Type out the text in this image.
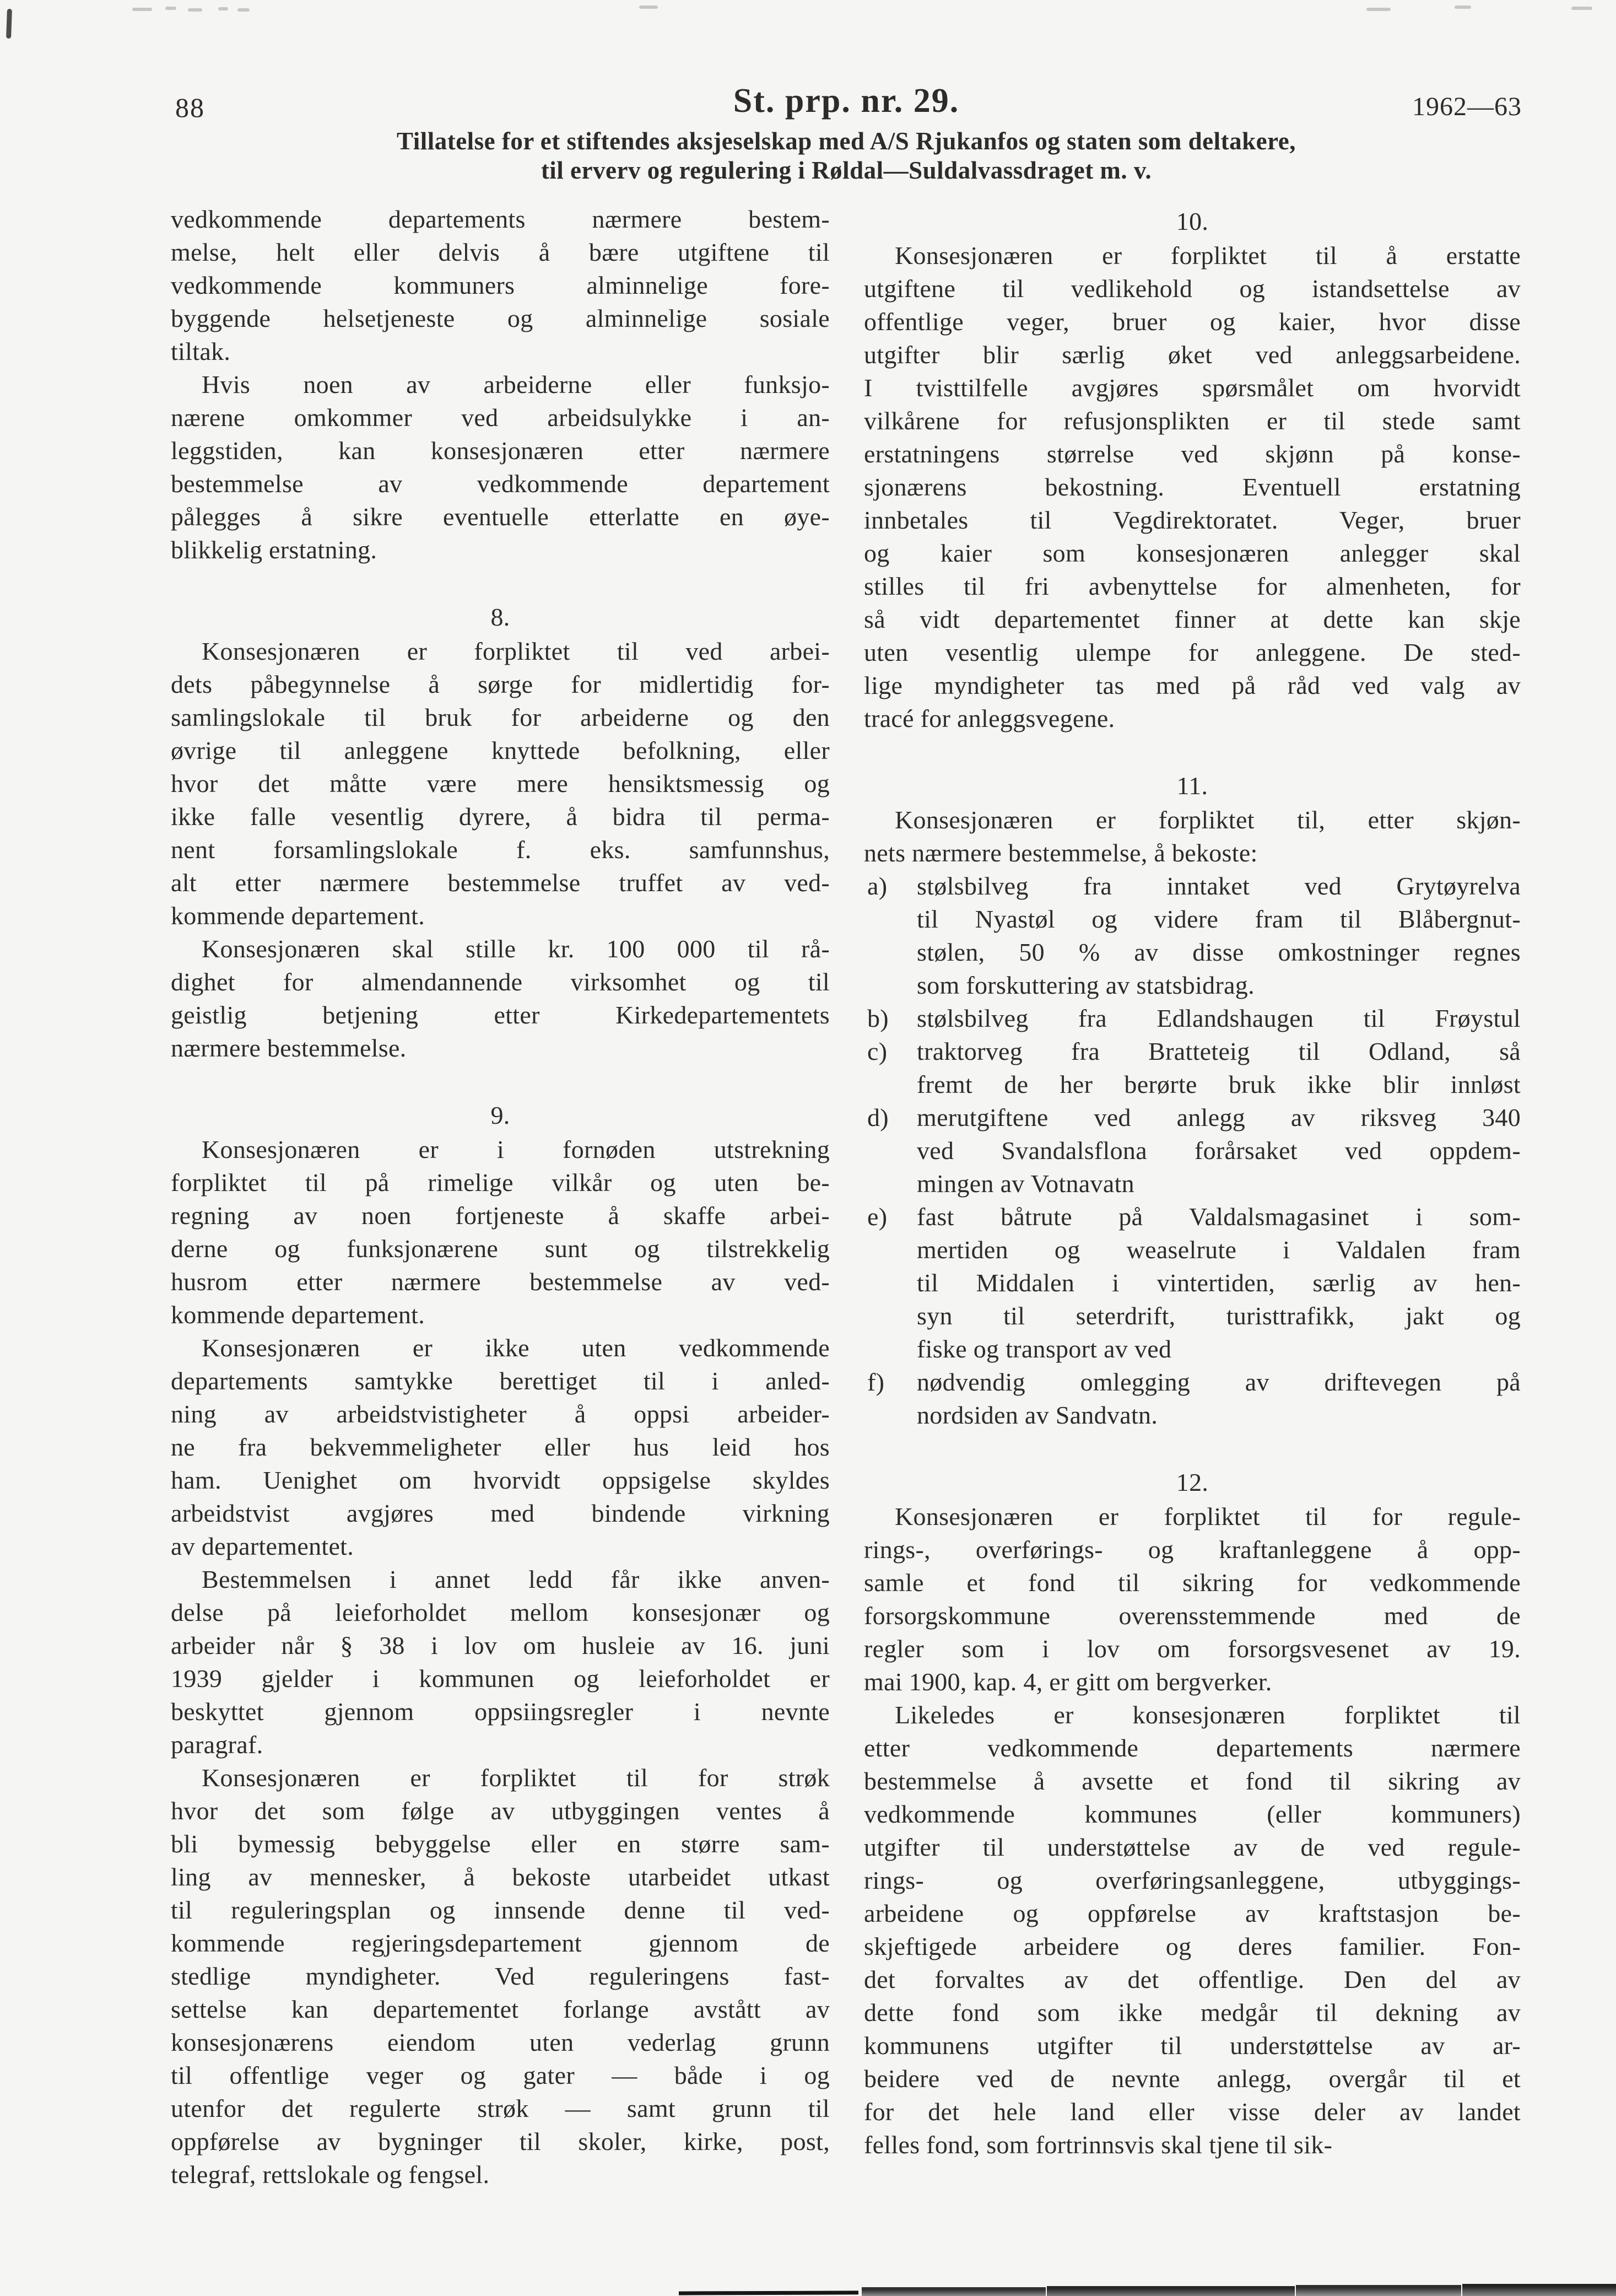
88	St. prp. nr. 29.	1962—63
Tillatelse for et stiftendes aksjeselskap med A/S Rjukanfos og staten som deltakere,
til erverv og regulering i Røldal—Suldalvassdraget m. v.
vedkommende departements nærmere bestem-
melse, helt eller delvis å bære utgiftene til
vedkommende kommuners alminnelige fore-
byggende helsetjeneste og alminnelige sosiale
tiltak.
Hvis noen av arbeiderne eller funksjo-
nærene omkommer ved arbeidsulykke i an-
leggstiden, kan konsesjonæren etter nærmere
bestemmelse av vedkommende departement
pålegges å sikre eventuelle etterlatte en øye-
blikkelig erstatning.
8.
Konsesjonæren er forpliktet til ved arbei-
dets påbegynnelse å sørge for midlertidig for-
samlingslokale til bruk for arbeiderne og den
øvrige til anleggene knyttede befolkning, eller
hvor det måtte være mere hensiktsmessig og
ikke falle vesentlig dyrere, å bidra til perma-
nent forsamlingslokale f. eks. samfunnshus,
alt etter nærmere bestemmelse truffet av ved-
kommende departement.
Konsesjonæren skal stille kr. 100 000 til rå-
dighet for almendannende virksomhet og til
geistlig betjening etter Kirkedepartementets
nærmere bestemmelse.
9.
Konsesjonæren er i fornøden utstrekning
forpliktet til på rimelige vilkår og uten be-
regning av noen fortjeneste å skaffe arbei-
derne og funksjonærene sunt og tilstrekkelig
husrom etter nærmere bestemmelse av ved-
kommende departement.
Konsesjonæren er ikke uten vedkommende
departements samtykke berettiget til i anled-
ning av arbeidstvistigheter å oppsi arbeider-
ne fra bekvemmeligheter eller hus leid hos
ham. Uenighet om hvorvidt oppsigelse skyldes
arbeidstvist avgjøres med bindende virkning
av departementet.
Bestemmelsen i annet ledd får ikke anven-
delse på leieforholdet mellom konsesjonær og
arbeider når § 38 i lov om husleie av 16. juni
1939 gjelder i kommunen og leieforholdet er
beskyttet gjennom oppsiingsregler i nevnte
paragraf.
Konsesjonæren er forpliktet til for strøk
hvor det som følge av utbyggingen ventes å
bli bymessig bebyggelse eller en større sam-
ling av mennesker, å bekoste utarbeidet utkast
til reguleringsplan og innsende denne til ved-
kommende regjeringsdepartement gjennom de
stedlige myndigheter. Ved reguleringens fast-
settelse kan departementet forlange avstått av
konsesjonærens eiendom uten vederlag grunn
til offentlige veger og gater — både i og
utenfor det regulerte strøk — samt grunn til
oppførelse av bygninger til skoler, kirke, post,
telegraf, rettslokale og fengsel.
10.
Konsesjonæren er forpliktet til å erstatte
utgiftene til vedlikehold og istandsettelse av
offentlige veger, bruer og kaier, hvor disse
utgifter blir særlig øket ved anleggsarbeidene.
I tvisttilfelle avgjøres spørsmålet om hvorvidt
vilkårene for refusjonsplikten er til stede samt
erstatningens størrelse ved skjønn på konse-
sjonærens bekostning. Eventuell erstatning
innbetales til Vegdirektoratet. Veger, bruer
og kaier som konsesjonæren anlegger skal
stilles til fri avbenyttelse for almenheten, for
så vidt departementet finner at dette kan skje
uten vesentlig ulempe for anleggene. De sted-
lige myndigheter tas med på råd ved valg av
tracé for anleggsvegene.
11.
Konsesjonæren er forpliktet til, etter skjøn-
nets nærmere bestemmelse, å bekoste:
a) stølsbilveg fra inntaket ved Grytøyrelva
til Nyastøl og videre fram til Blåbergnut-
stølen, 50 % av disse omkostninger regnes
som forskuttering av statsbidrag.
b) stølsbilveg fra Edlandshaugen til Frøystul
c) traktorveg fra Bratteteig til Odland, så
fremt de her berørte bruk ikke blir innløst
d) merutgiftene ved anlegg av riksveg 340
ved Svandalsflona forårsaket ved oppdem-
mingen av Votnavatn
e) fast båtrute på Valdalsmagasinet i som-
mertiden og weaselrute i Valdalen fram
til Middalen i vintertiden, særlig av hen-
syn til seterdrift, turisttrafikk, jakt og
fiske og transport av ved
f) nødvendig omlegging av driftevegen på
nordsiden av Sandvatn.
12.
Konsesjonæren er forpliktet til for regule-
rings-, overførings- og kraftanleggene å opp-
samle et fond til sikring for vedkommende
forsorgskommune overensstemmende med de
regler som i lov om forsorgsvesenet av 19.
mai 1900, kap. 4, er gitt om bergverker.
Likeledes er konsesjonæren forpliktet til
etter vedkommende departements nærmere
bestemmelse å avsette et fond til sikring av
vedkommende kommunes (eller kommuners)
utgifter til understøttelse av de ved regule-
rings- og overføringsanleggene, utbyggings-
arbeidene og oppførelse av kraftstasjon be-
skjeftigede arbeidere og deres familier. Fon-
det forvaltes av det offentlige. Den del av
dette fond som ikke medgår til dekning av
kommunens utgifter til understøttelse av ar-
beidere ved de nevnte anlegg, overgår til et
for det hele land eller visse deler av landet
felles fond, som fortrinnsvis skal tjene til sik-
